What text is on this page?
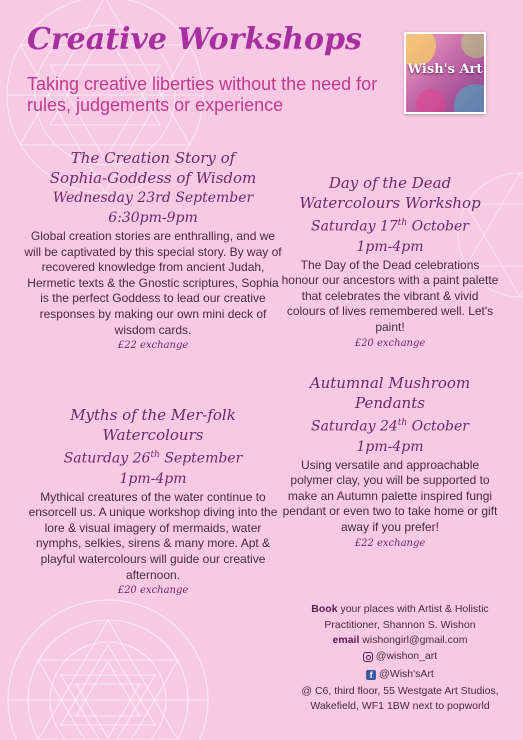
Creative Workshops

Taking creative liberties without the need for rules, judgements or experience

Wish's Art
The Creation Story of
Sophia-Goddess of Wisdom
Wednesday 23rd September
6:30pm-9pm

Global creation stories are enthralling, and we will be captivated by this special story. By way of recovered knowledge from ancient Judah, Hermetic texts & the Gnostic scriptures, Sophia is the perfect Goddess to lead our creative responses by making our own mini deck of wisdom cards.

£22 exchange
Myths of the Mer-folk
Watercolours
Saturday 26th September
1pm-4pm

Mythical creatures of the water continue to ensorcell us. A unique workshop diving into the lore & visual imagery of mermaids, water nymphs, selkies, sirens & many more. Apt & playful watercolours will guide our creative afternoon.

£20 exchange
Day of the Dead
Watercolours Workshop
Saturday 17th October
1pm-4pm

The Day of the Dead celebrations honour our ancestors with a paint palette that celebrates the vibrant & vivid colours of lives remembered well. Let's paint!

£20 exchange
Autumnal Mushroom
Pendants
Saturday 24th October
1pm-4pm

Using versatile and approachable polymer clay, you will be supported to make an Autumn palette inspired fungi pendant or even two to take home or gift away if you prefer!

£22 exchange
Book your places with Artist & Holistic Practitioner, Shannon S. Wishon
email wishongirl@gmail.com
@wishon_art
f @Wish'sArt
@ C6, third floor, 55 Westgate Art Studios, Wakefield, WF1 1BW next to popworld
